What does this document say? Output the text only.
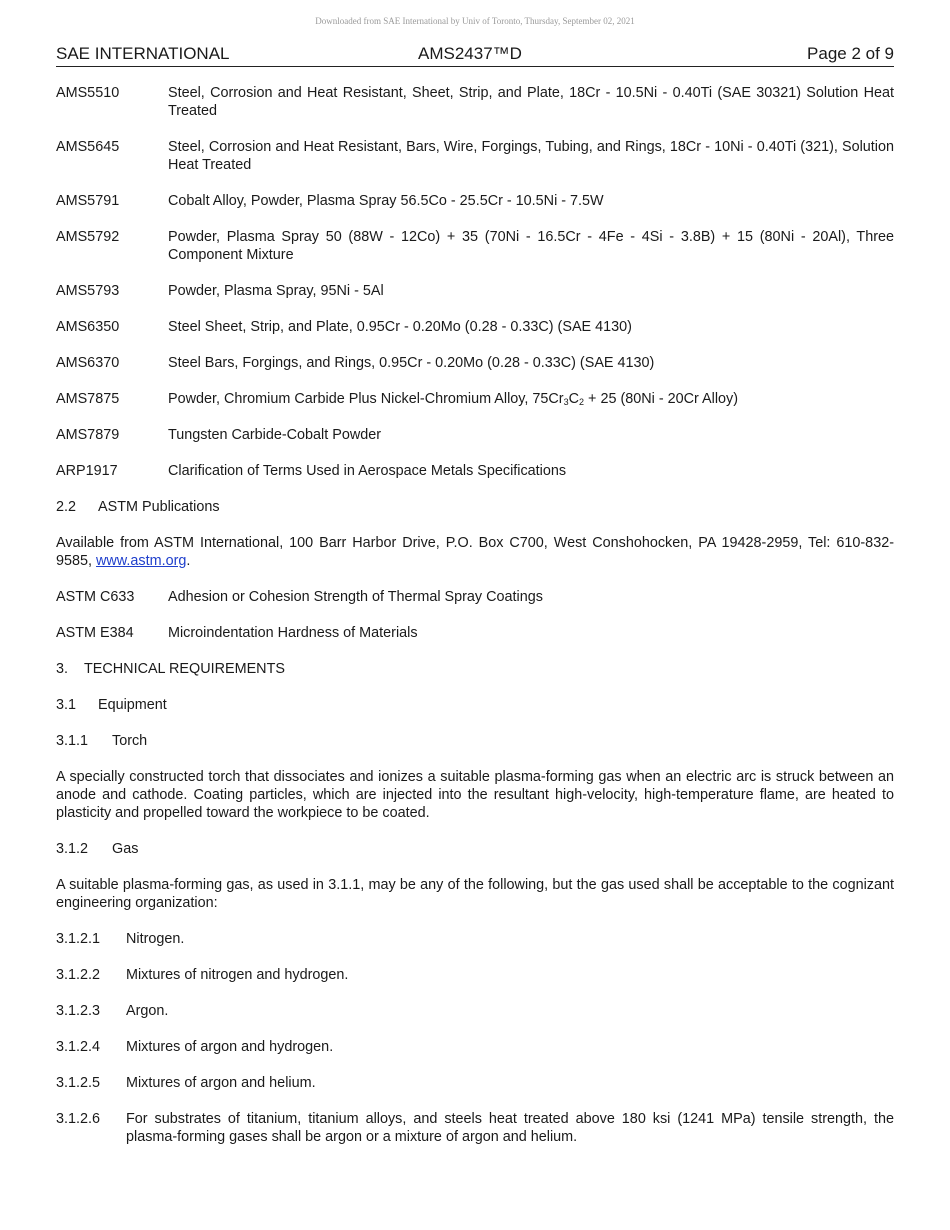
Downloaded from SAE International by Univ of Toronto, Thursday, September 02, 2021
SAE INTERNATIONAL	AMS2437™D	Page 2 of 9
AMS5510	Steel, Corrosion and Heat Resistant, Sheet, Strip, and Plate, 18Cr - 10.5Ni - 0.40Ti (SAE 30321) Solution Heat Treated
AMS5645	Steel, Corrosion and Heat Resistant, Bars, Wire, Forgings, Tubing, and Rings, 18Cr - 10Ni - 0.40Ti (321), Solution Heat Treated
AMS5791	Cobalt Alloy, Powder, Plasma Spray 56.5Co - 25.5Cr - 10.5Ni - 7.5W
AMS5792	Powder, Plasma Spray 50 (88W - 12Co) + 35 (70Ni - 16.5Cr - 4Fe - 4Si - 3.8B) + 15 (80Ni - 20Al), Three Component Mixture
AMS5793	Powder, Plasma Spray, 95Ni - 5Al
AMS6350	Steel Sheet, Strip, and Plate, 0.95Cr - 0.20Mo (0.28 - 0.33C) (SAE 4130)
AMS6370	Steel Bars, Forgings, and Rings, 0.95Cr - 0.20Mo (0.28 - 0.33C) (SAE 4130)
AMS7875	Powder, Chromium Carbide Plus Nickel-Chromium Alloy, $75Cr_3C_2 + 25$ (80Ni - 20Cr Alloy)
AMS7879	Tungsten Carbide-Cobalt Powder
ARP1917	Clarification of Terms Used in Aerospace Metals Specifications
2.2 ASTM Publications
Available from ASTM International, 100 Barr Harbor Drive, P.O. Box C700, West Conshohocken, PA 19428-2959, Tel: 610-832-9585, www.astm.org.
ASTM C633	Adhesion or Cohesion Strength of Thermal Spray Coatings
ASTM E384	Microindentation Hardness of Materials
3. TECHNICAL REQUIREMENTS
3.1 Equipment
3.1.1 Torch
A specially constructed torch that dissociates and ionizes a suitable plasma-forming gas when an electric arc is struck between an anode and cathode. Coating particles, which are injected into the resultant high-velocity, high-temperature flame, are heated to plasticity and propelled toward the workpiece to be coated.
3.1.2 Gas
A suitable plasma-forming gas, as used in 3.1.1, may be any of the following, but the gas used shall be acceptable to the cognizant engineering organization:
3.1.2.1	Nitrogen.
3.1.2.2	Mixtures of nitrogen and hydrogen.
3.1.2.3	Argon.
3.1.2.4	Mixtures of argon and hydrogen.
3.1.2.5	Mixtures of argon and helium.
3.1.2.6	For substrates of titanium, titanium alloys, and steels heat treated above 180 ksi (1241 MPa) tensile strength, the plasma-forming gases shall be argon or a mixture of argon and helium.
